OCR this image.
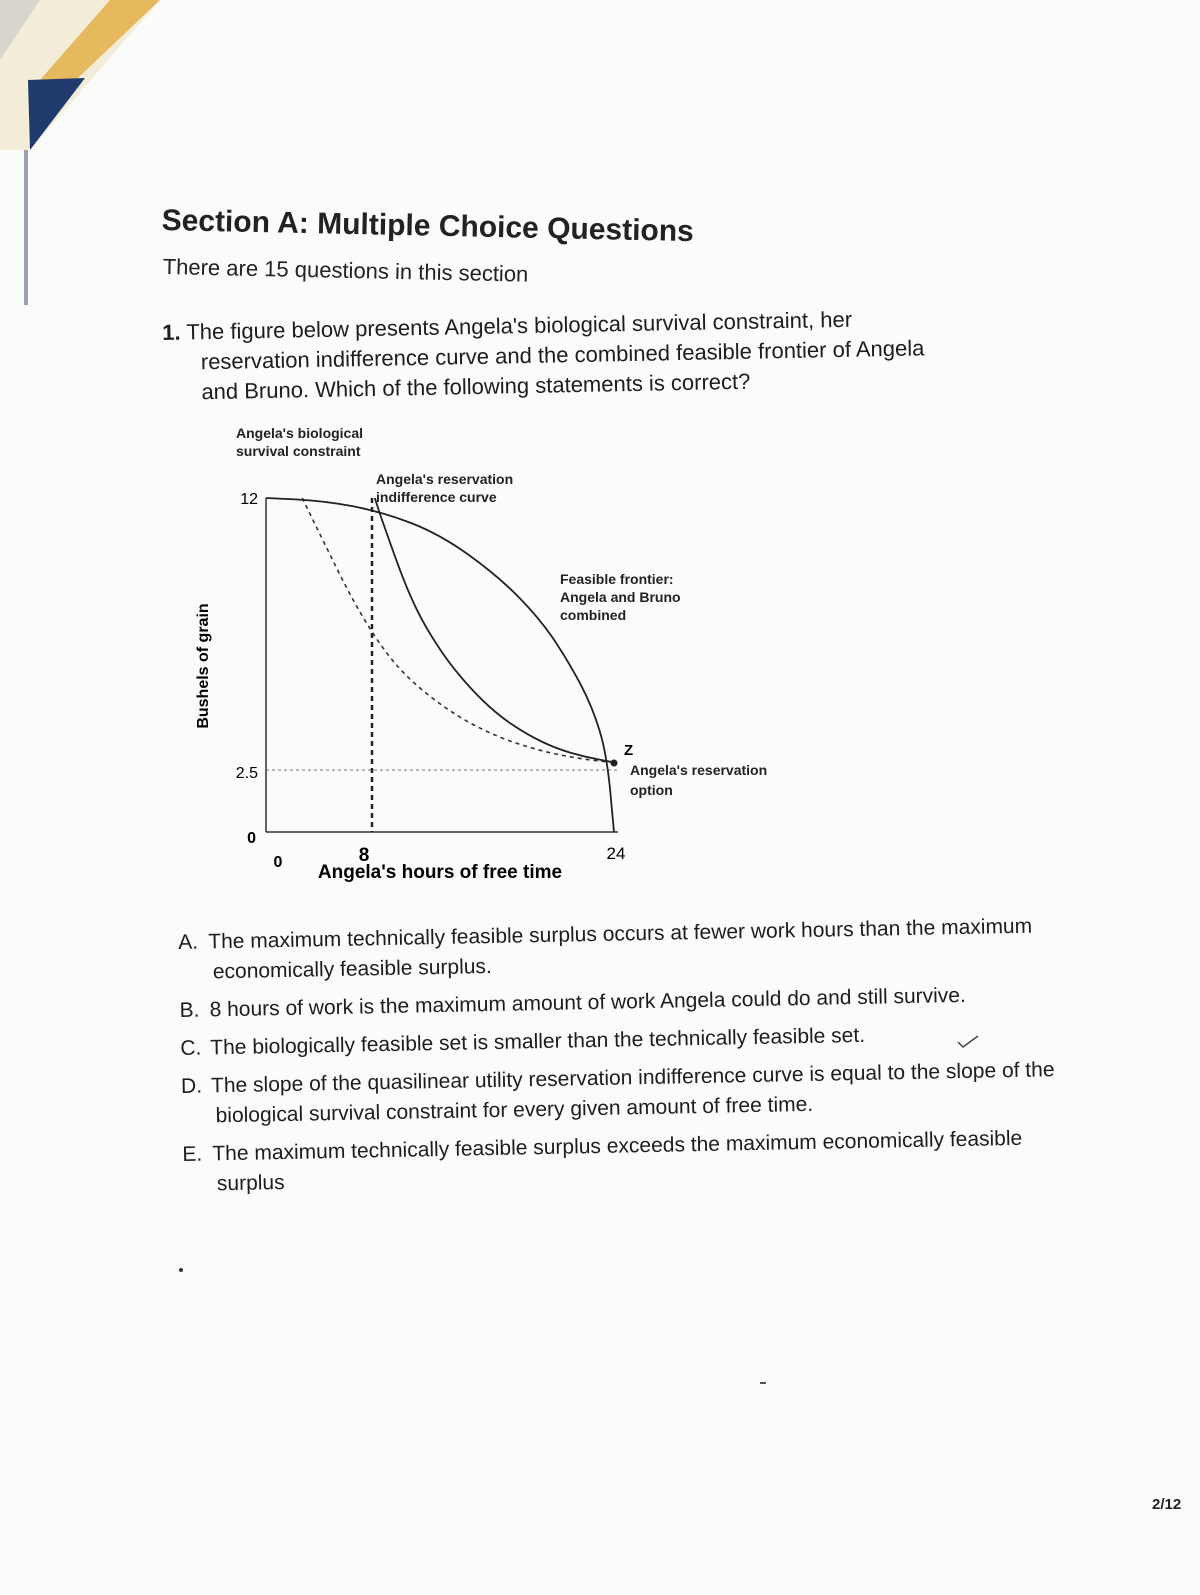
Section A: Multiple Choice Questions
There are 15 questions in this section
1. The figure below presents Angela's biological survival constraint, her
reservation indifference curve and the combined feasible frontier of Angela
and Bruno. Which of the following statements is correct?
Bushels of grain
Angela's hours of free time
12
2.5
0
0	8	24
Z
Angela's biological survival constraint
Angela's reservation indifference curve
Feasible frontier: Angela and Bruno combined
Angela's reservation option
A. The maximum technically feasible surplus occurs at fewer work hours than the maximum economically feasible surplus.
B. 8 hours of work is the maximum amount of work Angela could do and still survive.
C. The biologically feasible set is smaller than the technically feasible set.
D. The slope of the quasilinear utility reservation indifference curve is equal to the slope of the biological survival constraint for every given amount of free time.
E. The maximum technically feasible surplus exceeds the maximum economically feasible surplus
2/12
